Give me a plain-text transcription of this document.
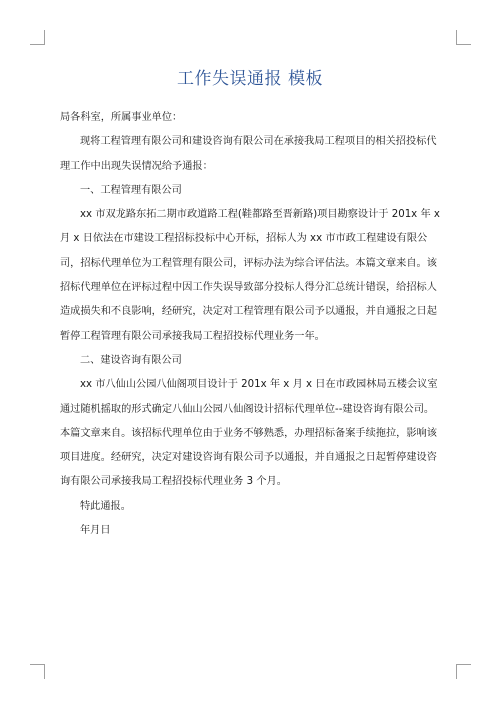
工作失误通报 模板

局各科室，所属事业单位：

现将工程管理有限公司和建设咨询有限公司在承接我局工程项目的相关招投标代理工作中出现失误情况给予通报：

一、工程管理有限公司

xx 市双龙路东拓二期市政道路工程(鞋都路至晋新路)项目勘察设计于 201x 年 x 月 x 日依法在市建设工程招标投标中心开标，招标人为 xx 市市政工程建设有限公司，招标代理单位为工程管理有限公司，评标办法为综合评估法。本篇文章来自。该招标代理单位在评标过程中因工作失误导致部分投标人得分汇总统计错误，给招标人造成损失和不良影响，经研究，决定对工程管理有限公司予以通报，并自通报之日起暂停工程管理有限公司承接我局工程招投标代理业务一年。

二、建设咨询有限公司

xx 市八仙山公园八仙阁项目设计于 201x 年 x 月 x 日在市政园林局五楼会议室通过随机摇取的形式确定八仙山公园八仙阁设计招标代理单位--建设咨询有限公司。本篇文章来自。该招标代理单位由于业务不够熟悉，办理招标备案手续拖拉，影响该项目进度。经研究，决定对建设咨询有限公司予以通报，并自通报之日起暂停建设咨询有限公司承接我局工程招投标代理业务 3 个月。

特此通报。

年月日
